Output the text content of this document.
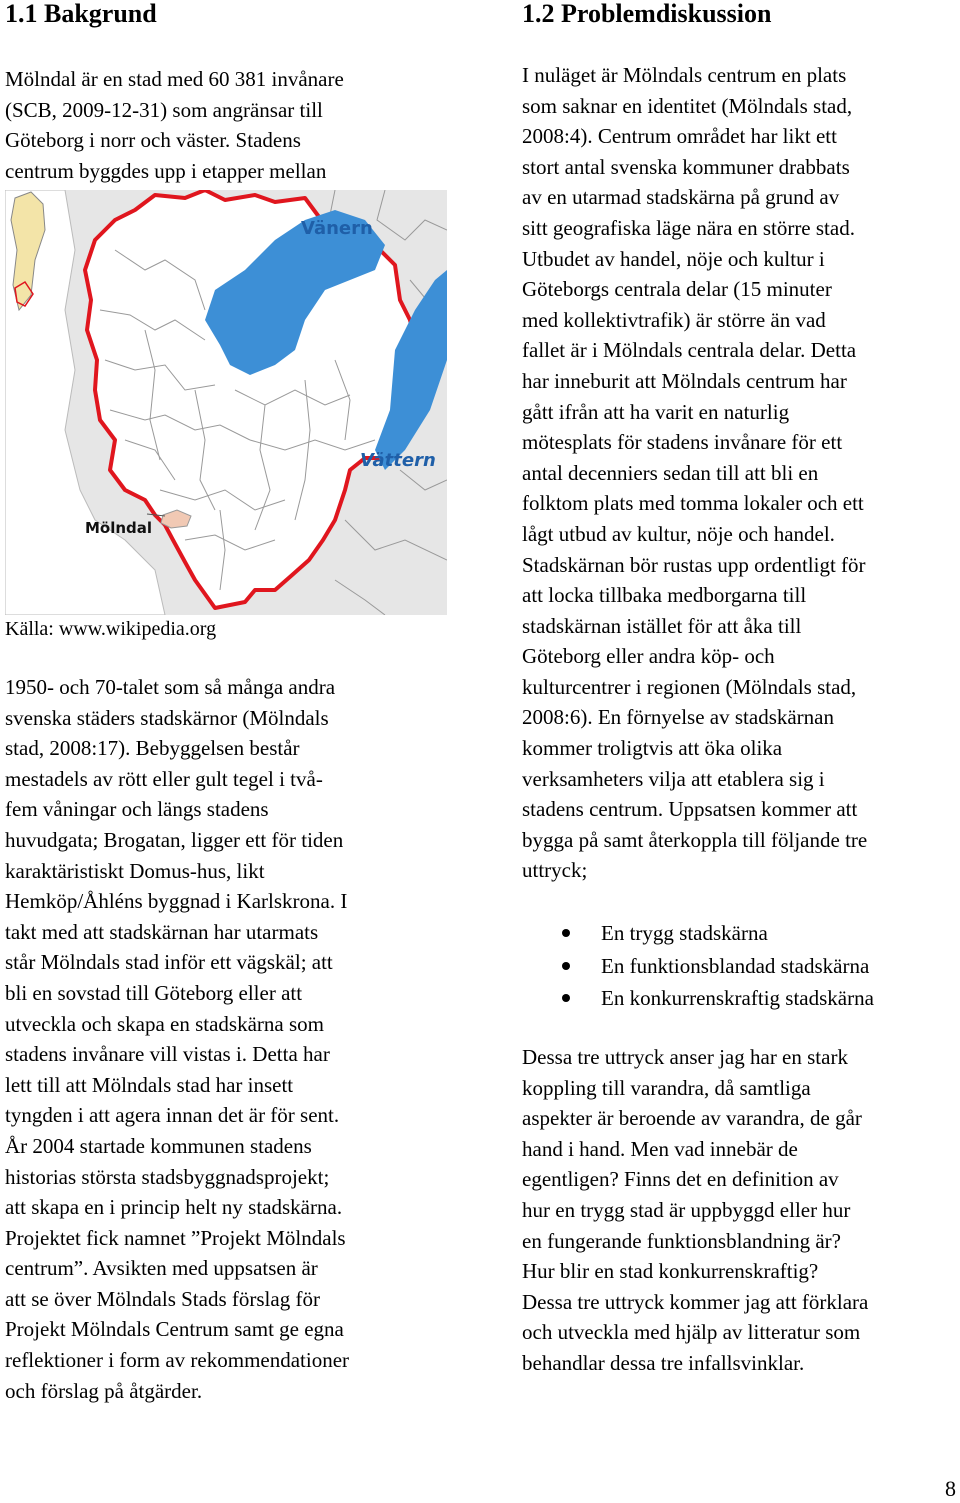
1.1 Bakgrund

Mölndal är en stad med 60 381 invånare
(SCB, 2009-12-31) som angränsar till
Göteborg i norr och väster. Stadens
centrum byggdes upp i etapper mellan

Vänern
Vättern
Mölndal
Källa: www.wikipedia.org

1950- och 70-talet som så många andra
svenska städers stadskärnor (Mölndals
stad, 2008:17). Bebyggelsen består
mestadels av rött eller gult tegel i två-
fem våningar och längs stadens
huvudgata; Brogatan, ligger ett för tiden
karaktäristiskt Domus-hus, likt
Hemköp/Åhléns byggnad i Karlskrona. I
takt med att stadskärnan har utarmats
står Mölndals stad inför ett vägskäl; att
bli en sovstad till Göteborg eller att
utveckla och skapa en stadskärna som
stadens invånare vill vistas i. Detta har
lett till att Mölndals stad har insett
tyngden i att agera innan det är för sent.
År 2004 startade kommunen stadens
historias största stadsbyggnadsprojekt;
att skapa en i princip helt ny stadskärna.
Projektet fick namnet ”Projekt Mölndals
centrum”. Avsikten med uppsatsen är
att se över Mölndals Stads förslag för
Projekt Mölndals Centrum samt ge egna
reflektioner i form av rekommendationer
och förslag på åtgärder.

1.2 Problemdiskussion

I nuläget är Mölndals centrum en plats
som saknar en identitet (Mölndals stad,
2008:4). Centrum området har likt ett
stort antal svenska kommuner drabbats
av en utarmad stadskärna på grund av
sitt geografiska läge nära en större stad.
Utbudet av handel, nöje och kultur i
Göteborgs centrala delar (15 minuter
med kollektivtrafik) är större än vad
fallet är i Mölndals centrala delar. Detta
har inneburit att Mölndals centrum har
gått ifrån att ha varit en naturlig
mötesplats för stadens invånare för ett
antal decenniers sedan till att bli en
folktom plats med tomma lokaler och ett
lågt utbud av kultur, nöje och handel.
Stadskärnan bör rustas upp ordentligt för
att locka tillbaka medborgarna till
stadskärnan istället för att åka till
Göteborg eller andra köp- och
kulturcentrer i regionen (Mölndals stad,
2008:6). En förnyelse av stadskärnan
kommer troligtvis att öka olika
verksamheters vilja att etablera sig i
stadens centrum. Uppsatsen kommer att
bygga på samt återkoppla till följande tre
uttryck;

En trygg stadskärna
En funktionsblandad stadskärna
En konkurrenskraftig stadskärna

Dessa tre uttryck anser jag har en stark
koppling till varandra, då samtliga
aspekter är beroende av varandra, de går
hand i hand. Men vad innebär de
egentligen? Finns det en definition av
hur en trygg stad är uppbyggd eller hur
en fungerande funktionsblandning är?
Hur blir en stad konkurrenskraftig?
Dessa tre uttryck kommer jag att förklara
och utveckla med hjälp av litteratur som
behandlar dessa tre infallsvinklar.

8
